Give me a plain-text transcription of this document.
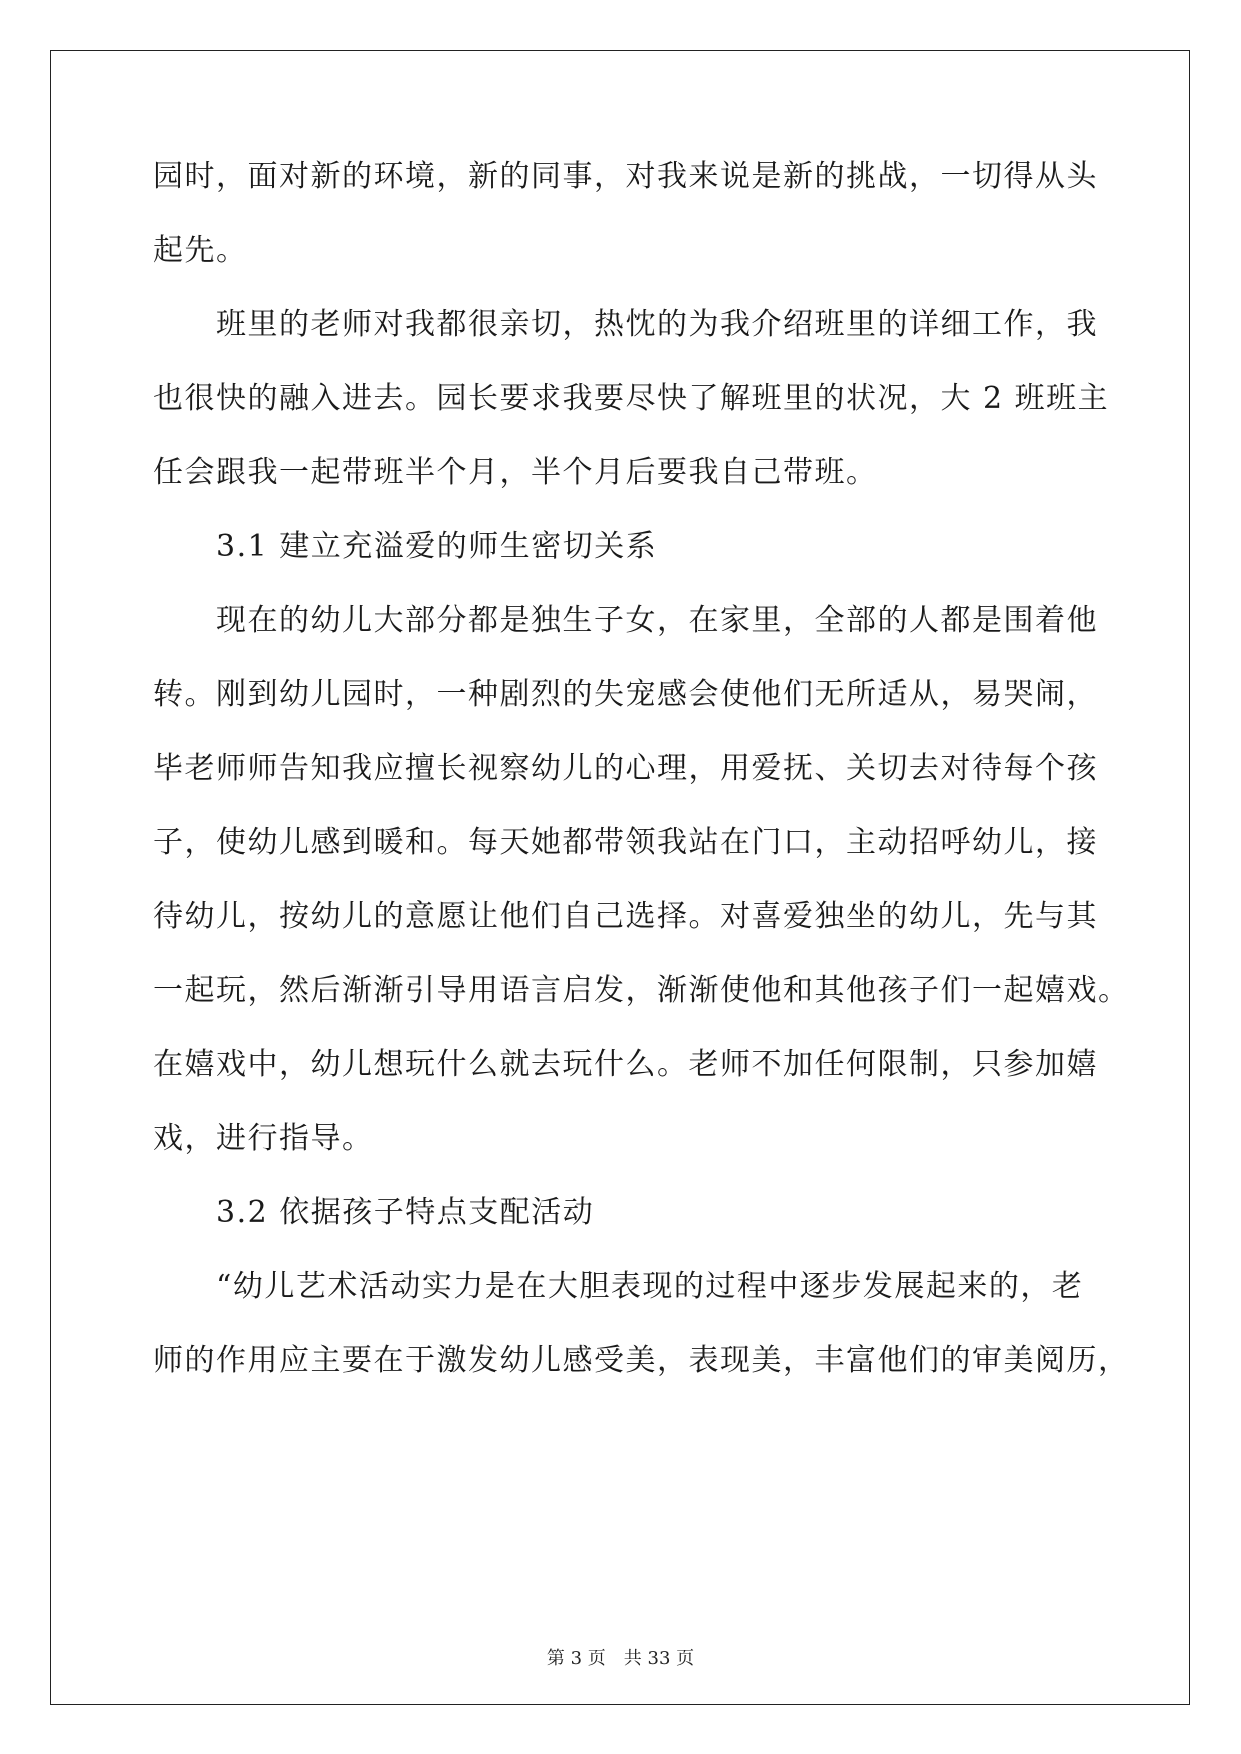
园时，面对新的环境，新的同事，对我来说是新的挑战，一切得从头
起先。
　　班里的老师对我都很亲切，热忱的为我介绍班里的详细工作，我
也很快的融入进去。园长要求我要尽快了解班里的状况，大 2 班班主
任会跟我一起带班半个月，半个月后要我自己带班。
　　3.1 建立充溢爱的师生密切关系
　　现在的幼儿大部分都是独生子女，在家里，全部的人都是围着他
转。刚到幼儿园时，一种剧烈的失宠感会使他们无所适从，易哭闹，
毕老师师告知我应擅长视察幼儿的心理，用爱抚、关切去对待每个孩
子，使幼儿感到暖和。每天她都带领我站在门口，主动招呼幼儿，接
待幼儿，按幼儿的意愿让他们自己选择。对喜爱独坐的幼儿，先与其
一起玩，然后渐渐引导用语言启发，渐渐使他和其他孩子们一起嬉戏。
在嬉戏中，幼儿想玩什么就去玩什么。老师不加任何限制，只参加嬉
戏，进行指导。
　　3.2 依据孩子特点支配活动
　　“幼儿艺术活动实力是在大胆表现的过程中逐步发展起来的，老
师的作用应主要在于激发幼儿感受美，表现美，丰富他们的审美阅历，
第 3 页　共 33 页
